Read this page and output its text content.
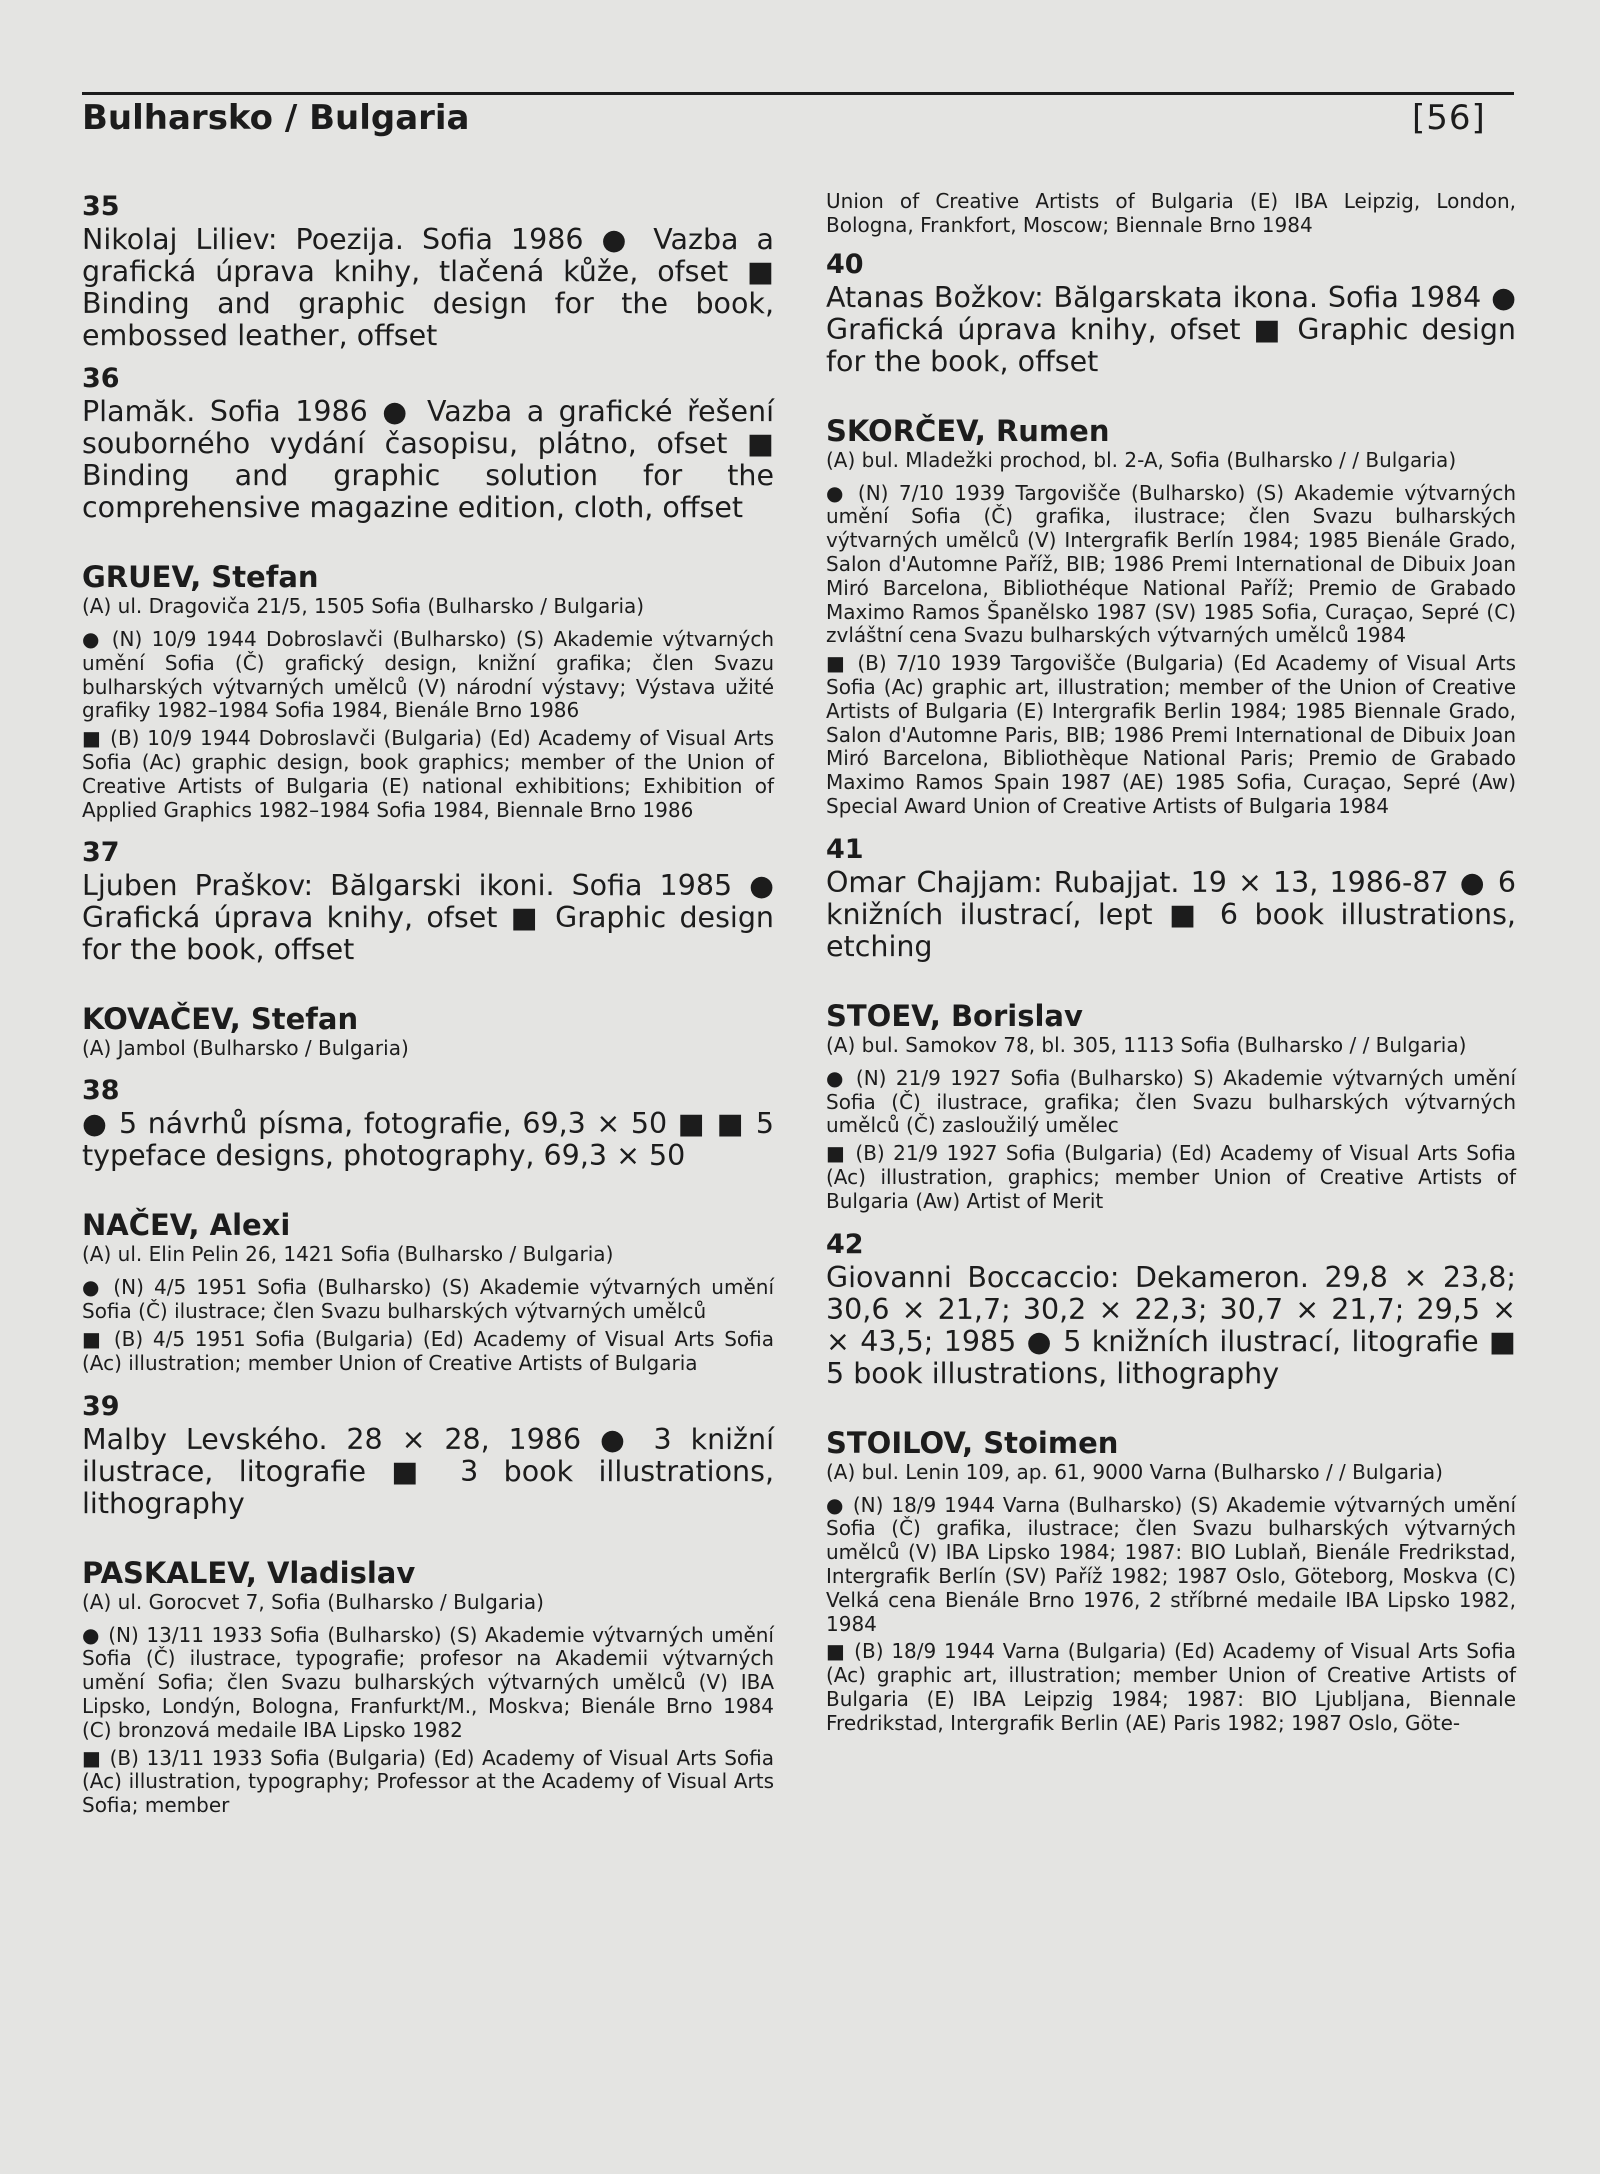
Bulharsko / Bulgaria	[56]
35

Nikolaj Liliev: Poezija. Sofia 1986 ● Vazba a grafická úprava knihy, tlačená kůže, ofset ■ Binding and graphic design for the book, embossed leather, offset

36

Plamăk. Sofia 1986 ● Vazba a grafické řešení souborného vydání časopisu, plátno, ofset ■ Binding and graphic solution for the comprehensive magazine edition, cloth, offset

GRUEV, Stefan
(A) ul. Dragoviča 21/5, 1505 Sofia (Bulharsko / Bulgaria)
● (N) 10/9 1944 Dobroslavči (Bulharsko) (S) Akademie výtvarných umění Sofia (Č) grafický design, knižní grafika; člen Svazu bulharských výtvarných umělců (V) národní výstavy; Výstava užité grafiky 1982–1984 Sofia 1984, Bienále Brno 1986
■ (B) 10/9 1944 Dobroslavči (Bulgaria) (Ed) Academy of Visual Arts Sofia (Ac) graphic design, book graphics; member of the Union of Creative Artists of Bulgaria (E) national exhibitions; Exhibition of Applied Graphics 1982–1984 Sofia 1984, Biennale Brno 1986
37

Ljuben Praškov: Bălgarski ikoni. Sofia 1985 ● Grafická úprava knihy, ofset ■ Graphic design for the book, offset

KOVAČEV, Stefan
(A) Jambol (Bulharsko / Bulgaria)
38

● 5 návrhů písma, fotografie, 69,3 × 50 ■ ■ 5 typeface designs, photography, 69,3 × 50

NAČEV, Alexi
(A) ul. Elin Pelin 26, 1421 Sofia (Bulharsko / Bulgaria)
● (N) 4/5 1951 Sofia (Bulharsko) (S) Akademie výtvarných umění Sofia (Č) ilustrace; člen Svazu bulharských výtvarných umělců
■ (B) 4/5 1951 Sofia (Bulgaria) (Ed) Academy of Visual Arts Sofia (Ac) illustration; member Union of Creative Artists of Bulgaria
39

Malby Levského. 28 × 28, 1986 ● 3 knižní ilustrace, litografie ■ 3 book illustrations, lithography

PASKALEV, Vladislav
(A) ul. Gorocvet 7, Sofia (Bulharsko / Bulgaria)
● (N) 13/11 1933 Sofia (Bulharsko) (S) Akademie výtvarných umění Sofia (Č) ilustrace, typografie; profesor na Akademii výtvarných umění Sofia; člen Svazu bulharských výtvarných umělců (V) IBA Lipsko, Londýn, Bologna, Franfurkt/M., Moskva; Bienále Brno 1984 (C) bronzová medaile IBA Lipsko 1982
■ (B) 13/11 1933 Sofia (Bulgaria) (Ed) Academy of Visual Arts Sofia (Ac) illustration, typography; Professor at the Academy of Visual Arts Sofia; member
Union of Creative Artists of Bulgaria (E) IBA Leipzig, London, Bologna, Frankfort, Moscow; Biennale Brno 1984
40

Atanas Božkov: Bălgarskata ikona. Sofia 1984 ● Grafická úprava knihy, ofset ■ Graphic design for the book, offset

SKORČEV, Rumen
(A) bul. Mladežki prochod, bl. 2-A, Sofia (Bulharsko / / Bulgaria)
● (N) 7/10 1939 Targovišče (Bulharsko) (S) Akademie výtvarných umění Sofia (Č) grafika, ilustrace; člen Svazu bulharských výtvarných umělců (V) Intergrafik Berlín 1984; 1985 Bienále Grado, Salon d'Automne Paříž, BIB; 1986 Premi International de Dibuix Joan Miró Barcelona, Bibliothéque National Paříž; Premio de Grabado Maximo Ramos Španělsko 1987 (SV) 1985 Sofia, Curaçao, Sepré (C) zvláštní cena Svazu bulharských výtvarných umělců 1984
■ (B) 7/10 1939 Targovišče (Bulgaria) (Ed Academy of Visual Arts Sofia (Ac) graphic art, illustration; member of the Union of Creative Artists of Bulgaria (E) Intergrafik Berlin 1984; 1985 Biennale Grado, Salon d'Automne Paris, BIB; 1986 Premi International de Dibuix Joan Miró Barcelona, Bibliothèque National Paris; Premio de Grabado Maximo Ramos Spain 1987 (AE) 1985 Sofia, Curaçao, Sepré (Aw) Special Award Union of Creative Artists of Bulgaria 1984
41

Omar Chajjam: Rubajjat. 19 × 13, 1986-87 ● 6 knižních ilustrací, lept ■ 6 book illustrations, etching

STOEV, Borislav
(A) bul. Samokov 78, bl. 305, 1113 Sofia (Bulharsko / / Bulgaria)
● (N) 21/9 1927 Sofia (Bulharsko) S) Akademie výtvarných umění Sofia (Č) ilustrace, grafika; člen Svazu bulharských výtvarných umělců (Č) zasloužilý umělec
■ (B) 21/9 1927 Sofia (Bulgaria) (Ed) Academy of Visual Arts Sofia (Ac) illustration, graphics; member Union of Creative Artists of Bulgaria (Aw) Artist of Merit
42

Giovanni Boccaccio: Dekameron. 29,8 × 23,8; 30,6 × 21,7; 30,2 × 22,3; 30,7 × 21,7; 29,5 × × 43,5; 1985 ● 5 knižních ilustrací, litografie ■ 5 book illustrations, lithography

STOILOV, Stoimen
(A) bul. Lenin 109, ap. 61, 9000 Varna (Bulharsko / / Bulgaria)
● (N) 18/9 1944 Varna (Bulharsko) (S) Akademie výtvarných umění Sofia (Č) grafika, ilustrace; člen Svazu bulharských výtvarných umělců (V) IBA Lipsko 1984; 1987: BIO Lublaň, Bienále Fredrikstad, Intergrafik Berlín (SV) Paříž 1982; 1987 Oslo, Göteborg, Moskva (C) Velká cena Bienále Brno 1976, 2 stříbrné medaile IBA Lipsko 1982, 1984
■ (B) 18/9 1944 Varna (Bulgaria) (Ed) Academy of Visual Arts Sofia (Ac) graphic art, illustration; member Union of Creative Artists of Bulgaria (E) IBA Leipzig 1984; 1987: BIO Ljubljana, Biennale Fredrikstad, Intergrafik Berlin (AE) Paris 1982; 1987 Oslo, Göte-
